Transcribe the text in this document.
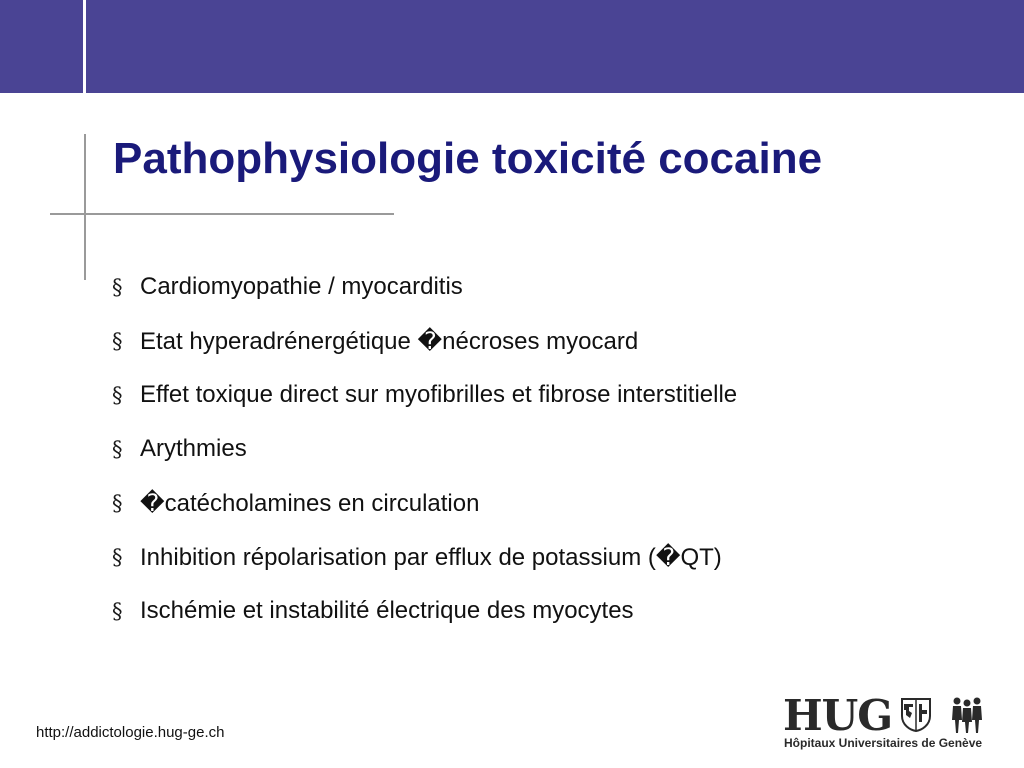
Pathophysiologie toxicité cocaine
§ Cardiomyopathie / myocarditis
§ Etat hyperadrénergétique �nécroses myocard
§ Effet toxique direct sur myofibrilles et fibrose interstitielle
§ Arythmies
§ �catécholamines en circulation
§ Inhibition répolarisation par efflux de potassium (�QT)
§ Ischémie et instabilité électrique des myocytes
http://addictologie.hug-ge.ch	HUG
Hôpitaux Universitaires de Genève
